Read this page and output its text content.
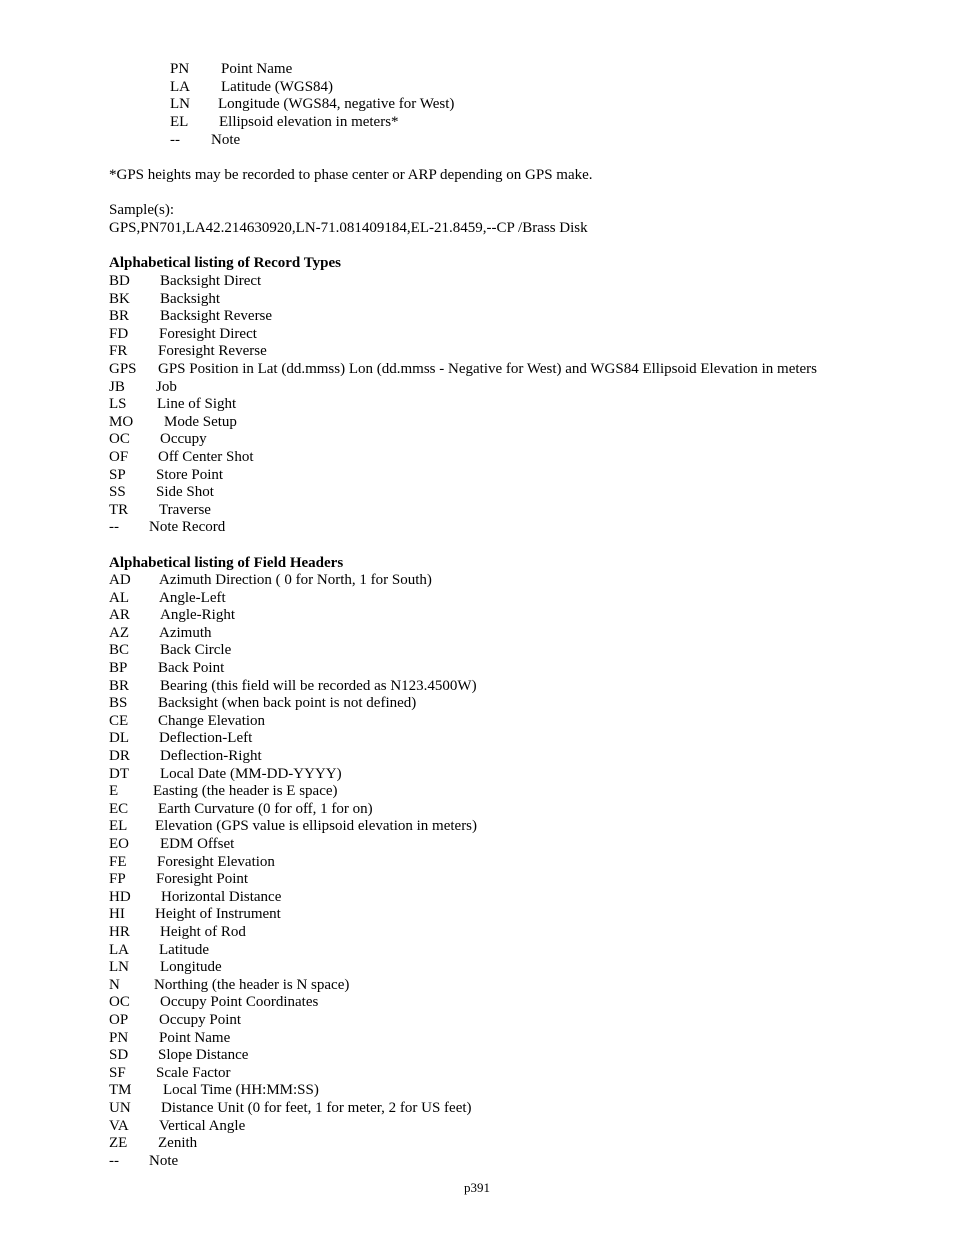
PN Point Name
LA Latitude (WGS84)
LN Longitude (WGS84, negative for West)
EL Ellipsoid elevation in meters*
-- Note
*GPS heights may be recorded to phase center or ARP depending on GPS make.
Sample(s):
GPS,PN701,LA42.214630920,LN-71.081409184,EL-21.8459,--CP /Brass Disk
Alphabetical listing of Record Types
BD Backsight Direct
BK Backsight
BR Backsight Reverse
FD Foresight Direct
FR Foresight Reverse
GPS GPS Position in Lat (dd.mmss) Lon (dd.mmss - Negative for West) and WGS84 Ellipsoid Elevation in meters
JB Job
LS Line of Sight
MO Mode Setup
OC Occupy
OF Off Center Shot
SP Store Point
SS Side Shot
TR Traverse
-- Note Record
Alphabetical listing of Field Headers
AD Azimuth Direction ( 0 for North, 1 for South)
AL Angle-Left
AR Angle-Right
AZ Azimuth
BC Back Circle
BP Back Point
BR Bearing (this field will be recorded as N123.4500W)
BS Backsight (when back point is not defined)
CE Change Elevation
DL Deflection-Left
DR Deflection-Right
DT Local Date (MM-DD-YYYY)
E Easting (the header is E space)
EC Earth Curvature (0 for off, 1 for on)
EL Elevation (GPS value is ellipsoid elevation in meters)
EO EDM Offset
FE Foresight Elevation
FP Foresight Point
HD Horizontal Distance
HI Height of Instrument
HR Height of Rod
LA Latitude
LN Longitude
N Northing (the header is N space)
OC Occupy Point Coordinates
OP Occupy Point
PN Point Name
SD Slope Distance
SF Scale Factor
TM Local Time (HH:MM:SS)
UN Distance Unit (0 for feet, 1 for meter, 2 for US feet)
VA Vertical Angle
ZE Zenith
-- Note
p391
